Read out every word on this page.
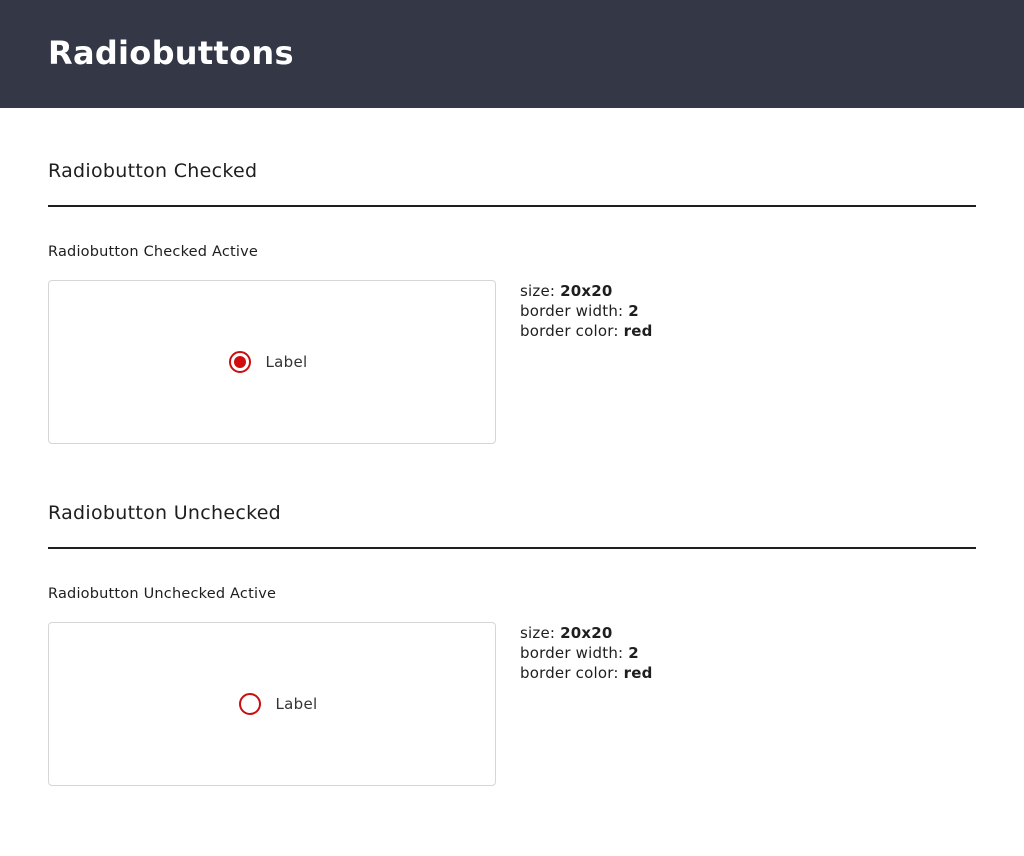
Radiobuttons
Radiobutton Checked
Radiobutton Checked Active
Label
size: 20x20
border width: 2
border color: red
Radiobutton Unchecked
Radiobutton Unchecked Active
Label
size: 20x20
border width: 2
border color: red
